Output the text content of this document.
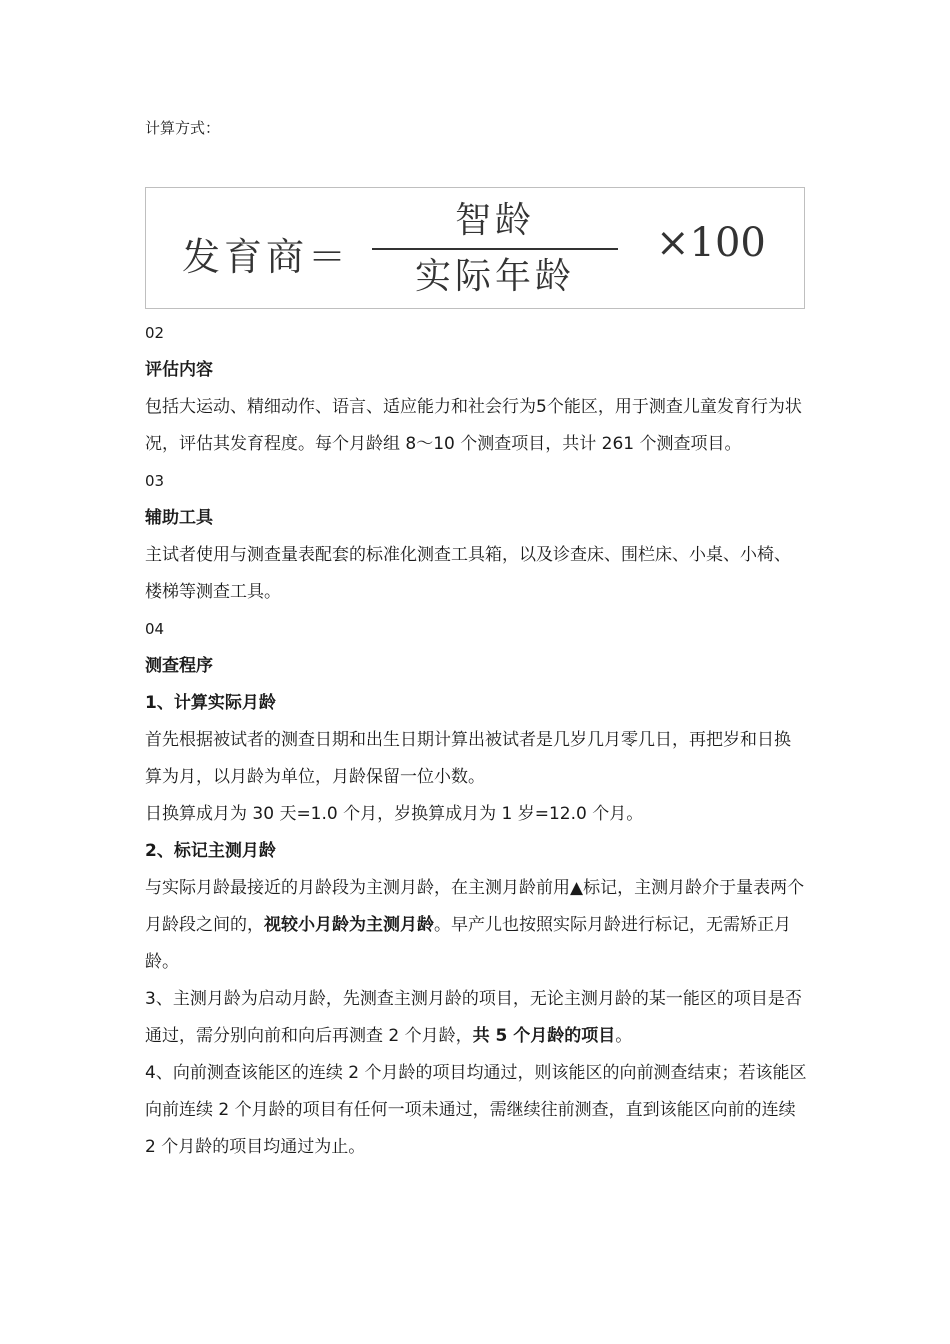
计算方式：

发育商＝
智龄
实际年龄
×100

02

评估内容

包括大运动、精细动作、语言、适应能力和社会行为5个能区，用于测查儿童发育行为状况，评估其发育程度。每个月龄组 8～10 个测查项目，共计 261 个测查项目。

03

辅助工具

主试者使用与测查量表配套的标准化测查工具箱，以及诊查床、围栏床、小桌、小椅、楼梯等测查工具。

04

测查程序

1、计算实际月龄

首先根据被试者的测查日期和出生日期计算出被试者是几岁几月零几日，再把岁和日换算为月，以月龄为单位，月龄保留一位小数。

日换算成月为 30 天=1.0 个月，岁换算成月为 1 岁=12.0 个月。

2、标记主测月龄

与实际月龄最接近的月龄段为主测月龄，在主测月龄前用▲标记，主测月龄介于量表两个月龄段之间的，视较小月龄为主测月龄。早产儿也按照实际月龄进行标记，无需矫正月龄。

3、主测月龄为启动月龄，先测查主测月龄的项目，无论主测月龄的某一能区的项目是否通过，需分别向前和向后再测查 2 个月龄，共 5 个月龄的项目。

4、向前测查该能区的连续 2 个月龄的项目均通过，则该能区的向前测查结束；若该能区向前连续 2 个月龄的项目有任何一项未通过，需继续往前测查，直到该能区向前的连续 2 个月龄的项目均通过为止。
